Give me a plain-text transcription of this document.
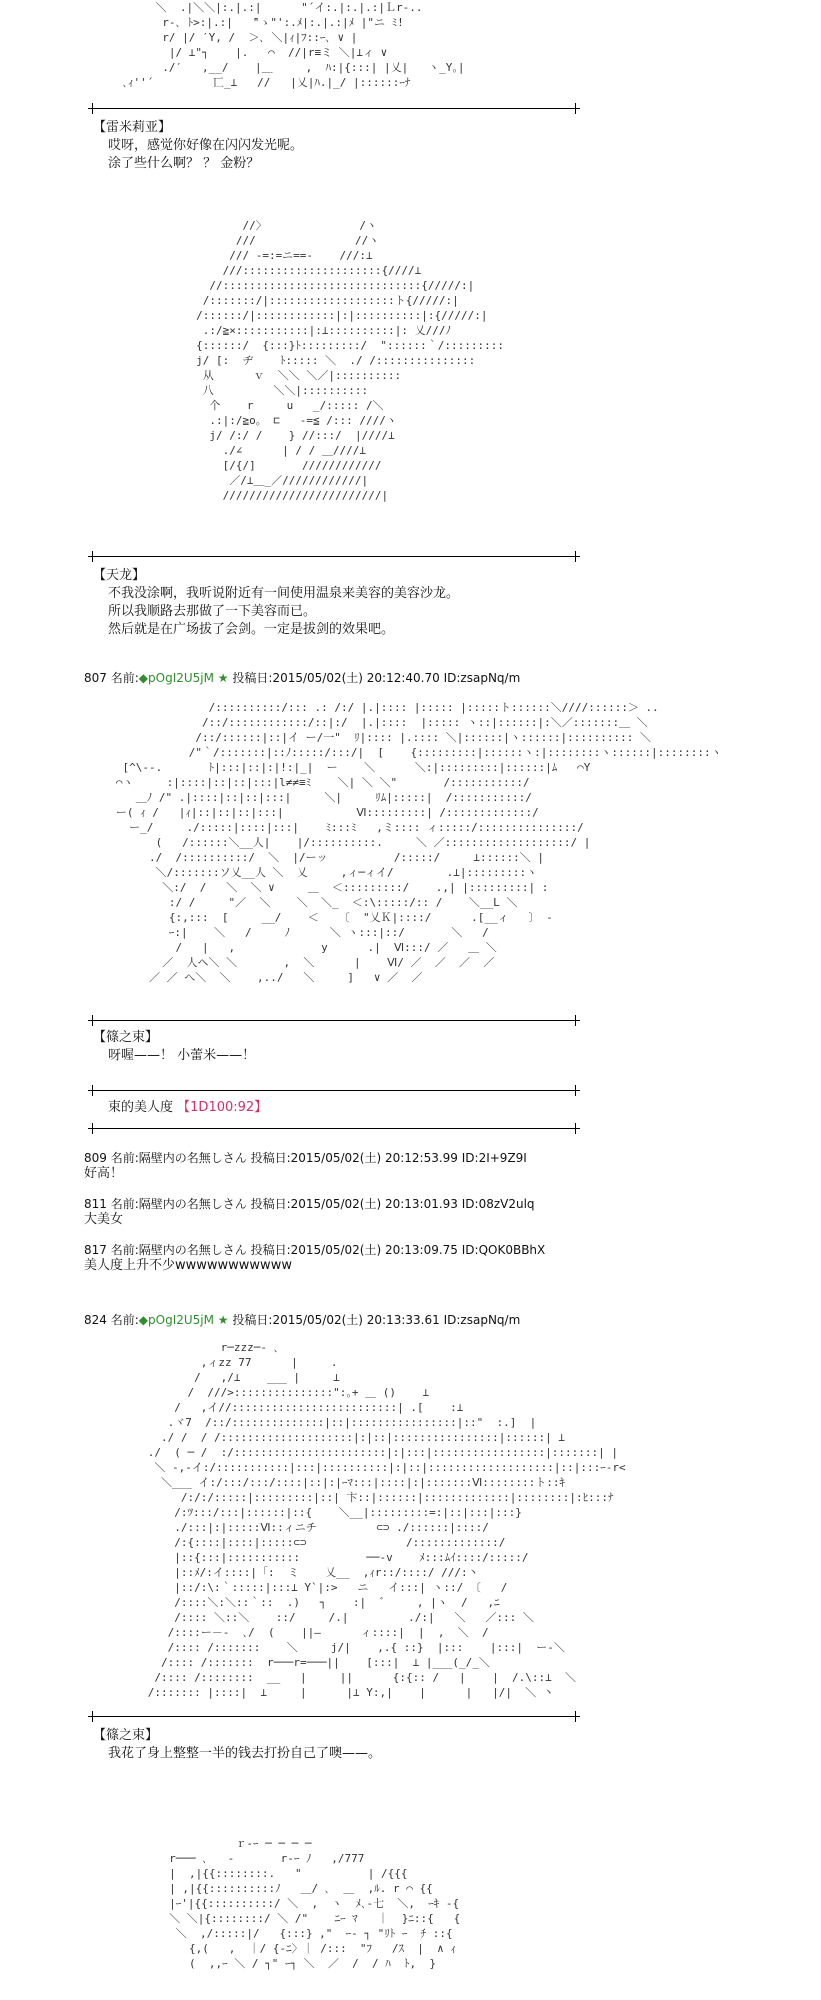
＼  .|＼＼|:.|.:|      "´イ:.|:.|.:|Ｌr‐..
r‐､ ﾄ>:|.:|   ̄"ゝ"':.ﾒ|:.|.:|ﾒ |"ニ ﾐ!
r/ |/ ′Y, /  ＞､ ＼|ｨ|ﾌ::ｰ､ ∨ |
|/ ⊥"┐    |.   ⌒  //|r≡ミ ＼|⊥ィ ∨
./′   ,__/    |＿     ,  ﾊ:|{:::| |乂|   ヽ_Y｡|
､ｨ''´         匸_⊥   //   |乂|ﾊ.|_/ |::::::ｰﾅ
【雷米莉亚】
哎呀，感觉你好像在闪闪发光呢。
涂了些什么啊？ ？ 金粉？
//〉              /ヽ
///               //ヽ
/// -=:=ニ==-    ///:⊥
///:::::::::::::::::::::{////⊥
//::::::::::::::::::::::::::::::{/////:|
/:::::::/|:::::::::::::::::::ト{/////:|
/::::::/|::::::::::::|:|::::::::::|:{/////:|
.:/≧×:::::::::::|:⊥::::::::::|: 乂///ﾉ
{::::::/  {:::}ﾄ:::::::::/  "::::::｀/:::::::::
j/ [:  ヂ    ﾄ::::: ＼  ./ /:::::::::::::::
从      ｖ  ＼＼ ＼／|::::::::::
八         ＼＼|::::::::::
个    r     u   _/::::: /＼
.:|:/≧o。 ⊏   -=≦ /::: ////ヽ
j/ /:/ /    } //:::/  |////⊥
./∠      | / / ＿////⊥
[/{/]       ////////////
／/⊥＿_／////////////|
////////////////////////|
【天龙】
不我没涂啊，我听说附近有一间使用温泉来美容的美容沙龙。
所以我顺路去那做了一下美容而已。
然后就是在广场拔了会剑。一定是拔剑的效果吧。
807 名前:◆pOgI2U5jM ★ 投稿日:2015/05/02(土) 20:12:40.70 ID:zsapNq/m
/::::::::::/::: .: /:/ |.|:::: |::::: |:::::ト::::::＼////::::::＞ ..
/::/::::::::::::/::|:/  |.|::::  |::::: ヽ::|::::::|:＼／:::::::＿ ＼
/::/::::::|::|イ ー/一"  ﾘ|:::: |.:::: ＼|::::::|ヽ::::::|:::::::::: ＼
/"｀/:::::::|::ﾉ:::::/:::/|  [    {:::::::::|::::::ヽ:|::::::::ヽ::::::|::::::::ヽ
[^\-‐.       ﾄ|:::|::|:|!:|_|  ー    ＼      ＼:|:::::::::|::::::|ﾑ   ⌒Y
⌒ヽ     :|::::|::|::|:::|l≠≠≡ﾐ    ＼| ＼ ＼"       /:::::::::::/
＿ﾉ /" .|::::|::|::|:::|     ＼|     ﾘﾑ|:::::|  /:::::::::::/
ー( ｨ /   |ｨ|::|::|::|:::|           Ⅵ:::::::::| /:::::::::::::/
ー_/     ./:::::|::::|:::|    ﾐ:::ﾐ   ,ミ:::: ィ:::::/:::::::::::::::/
(   /::::::＼__人|    |/::::::::::.     ＼ ／:::::::::::::::::::/ |
./  /::::::::::/  ＼  |/ーッ          /:::::/     ⊥::::::＼ |
＼/:::::::ソ乂__人 ＼  乂     ,ィ─ィイ/        .⊥|:::::::::ヽ
＼:/  /   ＼  ＼ ∨     ＿  ＜:::::::::/    .,| |:::::::::| :
:/ /     "／  ＼    ＼  ＼_  ＜:\:::::/:: /    ＼__L ＼
{:,:::  [     __/    ＜   〔  "乂Ｋ|::::/      .[__ィ   〕 -
ｰ:|    ＼   /     ﾉ      ＼ ヽ:::|::/       ＼   /
/   |   ,             y      .|  Ⅵ:::/ ／   ＿ ＼
／  人ヘ＼ ＼       ,  ＼      |    Ⅵ/ ／  ／  ／  ／
／ ／ へ＼  ＼    ,../   ＼     ]   ∨ ／  ／
【篠之束】
呀喔——！ 小蕾米——！
束的美人度 【1D100:92】
809 名前:隔壁内の名無しさん 投稿日:2015/05/02(土) 20:12:53.99 ID:2I+9Z9I
好高！
811 名前:隔壁内の名無しさん 投稿日:2015/05/02(土) 20:13:01.93 ID:08zV2ulq
大美女
817 名前:隔壁内の名無しさん 投稿日:2015/05/02(土) 20:13:09.75 ID:QOK0BBhX
美人度上升不少wwwwwwwwwww
824 名前:◆pOgI2U5jM ★ 投稿日:2015/05/02(土) 20:13:33.61 ID:zsapNq/m
r─zzz─- ､
,ィzz 77      |     .
/   ,/⊥    ___ |     ⊥
/  ///>:::::::::::::::":｡+ ＿ ()    ⊥
/   ,イ//:::::::::::::::::::::::::| .[    :⊥
.ヾ7  /::/::::::::::::::|::|::::::::::::::::|::"  :.]  |
./ /  / /::::::::::::::::::::|:|::|::::::::::::::::|::::::| ⊥
./  ( ─ /  :/:::::::::::::::::::::::|:|:::|:::::::::::::::::|:::::::| |
＼ -,-イ:/:::::::::::|:::|::::::::::|:|::|:::::::::::::::::::|::|:::ｰ‐r<
＼___ イ:/:::/:::/::::|::|:|ｰﾏ:::|::::|:|:::::::Ⅵ::::::::ト::ｷ
/:/:/:::::|:::::::::|::| 卞::|::::::|:::::::::::::|::::::::|:ﾋ:::ﾅ
/:ﾂ:::/:::|::::::|::{    ＼__|:::::::::=:|::|:::|:::}
./:::|:|:::::Ⅵ::ィニチ         ⊂⊃ ./::::::|::::/
/:{::::|::::|:::::⊂⊃               /:::::::::::::/
|::{:::|:::::::::::          ──-v    ﾒ:::ﾑｲ::::/:::::/
|::ﾒ/:イ::::|「:  ミ    乂__  ,ｨr::/::::/ ///:丶
|::/:\:｀:::::|:::⊥ Y`|:>   ニ   イ:::| ヽ::/ 〔   /
/::::＼:＼::｀::  .)   ┐    :|  ゛    , |ヽ  /   ,ﾆ
/:::: ＼::＼    ::/     /.|         ./:|   ＼   ／::: ＼
/::::ー－-  ､/  (    ||―      ィ::::|  |  ,  ＼  /
/:::: /:::::::    ＼     j/|    ,.{ ::}  |:::    |:::|  ー-＼
/:::: /:::::::  r───r=───||    [:::|  ⊥ |___(_/_＼
/:::: /::::::::  __   |     ||      {:{:: /   |    |  /.\::⊥  ＼
/::::::: |::::|  ⊥     |      |⊥ Y:,|    |      |   |/|  ＼ 丶
【篠之束】
我花了身上整整一半的钱去打扮自己了噢——。
ｒ-ｰ ─ ─ ─ ─
r─── ､   ‐       r‐ｰ ﾉ   ,/777
|  ,|{{::::::::.   "          | /{{{
| ,|{{::::::::::ﾉ   ＿/ ､  ＿  ,ﾙ. r ⌒ {{
|ｰ'|{{::::::::::/ ＼  ,  ヽ  ﾒ､-七  ＼,  ｰｷ ‐{
＼ ＼|{::::::::/ ＼ /"    ﾆｰ ﾏ   ｜  }ﾆ::{   {
＼  ,/:::::|/   {:::} ,"  ｰ‐ ┐ "ﾘﾄ ｰ  ﾁ ::{
{,(   ,  ｜/ {-ﾆ〉｜ /:::  "ﾌ   /ｽ  |  ∧ ｨ
(  ,,ｰ ＼ / ┐" ｰ┐ ＼  ／  /  / ﾊ  ﾄ,  }
